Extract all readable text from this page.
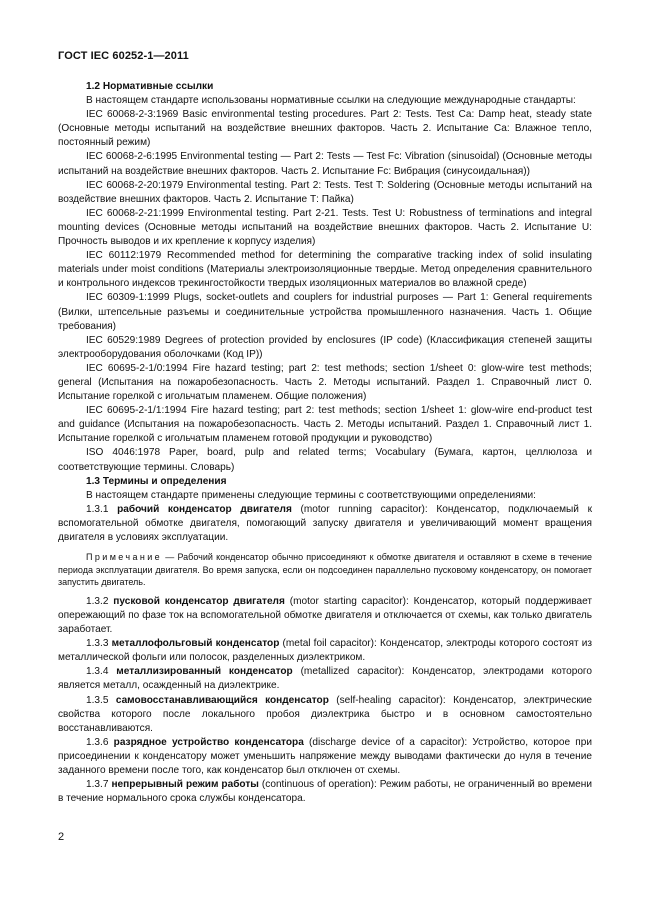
ГОСТ IEC 60252-1—2011

1.2 Нормативные ссылки

В настоящем стандарте использованы нормативные ссылки на следующие международные стандарты:

IEC 60068-2-3:1969 Basic environmental testing procedures. Part 2: Tests. Test Ca: Damp heat, steady state (Основные методы испытаний на воздействие внешних факторов. Часть 2. Испытание Са: Влажное тепло, постоянный режим)

IEC 60068-2-6:1995 Environmental testing — Part 2: Tests — Test Fc: Vibration (sinusoidal) (Основные методы испытаний на воздействие внешних факторов. Часть 2. Испытание Fc: Вибрация (синусоидальная))

IEC 60068-2-20:1979 Environmental testing. Part 2: Tests. Test T: Soldering (Основные методы испытаний на воздействие внешних факторов. Часть 2. Испытание Т: Пайка)

IEC 60068-2-21:1999 Environmental testing. Part 2-21. Tests. Test U: Robustness of terminations and integral mounting devices (Основные методы испытаний на воздействие внешних факторов. Часть 2. Испытание U: Прочность выводов и их крепление к корпусу изделия)

IEC 60112:1979 Recommended method for determining the comparative tracking index of solid insulating materials under moist conditions (Материалы электроизоляционные твердые. Метод определения сравнительного и контрольного индексов трекингостойкости твердых изоляционных материалов во влажной среде)

IEC 60309-1:1999 Plugs, socket-outlets and couplers for industrial purposes — Part 1: General requirements (Вилки, штепсельные разъемы и соединительные устройства промышленного назначения. Часть 1. Общие требования)

IEC 60529:1989 Degrees of protection provided by enclosures (IP code) (Классификация степеней защиты электрооборудования оболочками (Код IP))

IEC 60695-2-1/0:1994 Fire hazard testing; part 2: test methods; section 1/sheet 0: glow-wire test methods; general (Испытания на пожаробезопасность. Часть 2. Методы испытаний. Раздел 1. Справочный лист 0. Испытание горелкой с игольчатым пламенем. Общие положения)

IEC 60695-2-1/1:1994 Fire hazard testing; part 2: test methods; section 1/sheet 1: glow-wire end-product test and guidance (Испытания на пожаробезопасность. Часть 2. Методы испытаний. Раздел 1. Справочный лист 1. Испытание горелкой с игольчатым пламенем готовой продукции и руководство)

ISO 4046:1978 Paper, board, pulp and related terms; Vocabulary (Бумага, картон, целлюлоза и соответствующие термины. Словарь)

1.3 Термины и определения

В настоящем стандарте применены следующие термины с соответствующими определениями:

1.3.1 рабочий конденсатор двигателя (motor running capacitor): Конденсатор, подключаемый к вспомогательной обмотке двигателя, помогающий запуску двигателя и увеличивающий момент вращения двигателя в условиях эксплуатации.

Примечание — Рабочий конденсатор обычно присоединяют к обмотке двигателя и оставляют в схеме в течение периода эксплуатации двигателя. Во время запуска, если он подсоединен параллельно пусковому конденсатору, он помогает запустить двигатель.

1.3.2 пусковой конденсатор двигателя (motor starting capacitor): Конденсатор, который поддерживает опережающий по фазе ток на вспомогательной обмотке двигателя и отключается от схемы, как только двигатель заработает.

1.3.3 металлофольговый конденсатор (metal foil capacitor): Конденсатор, электроды которого состоят из металлической фольги или полосок, разделенных диэлектриком.

1.3.4 металлизированный конденсатор (metallized capacitor): Конденсатор, электродами которого является металл, осажденный на диэлектрике.

1.3.5 самовосстанавливающийся конденсатор (self-healing capacitor): Конденсатор, электрические свойства которого после локального пробоя диэлектрика быстро и в основном самостоятельно восстанавливаются.

1.3.6 разрядное устройство конденсатора (discharge device of a capacitor): Устройство, которое при присоединении к конденсатору может уменьшить напряжение между выводами фактически до нуля в течение заданного времени после того, как конденсатор был отключен от схемы.

1.3.7 непрерывный режим работы (continuous of operation): Режим работы, не ограниченный во времени в течение нормального срока службы конденсатора.

2
